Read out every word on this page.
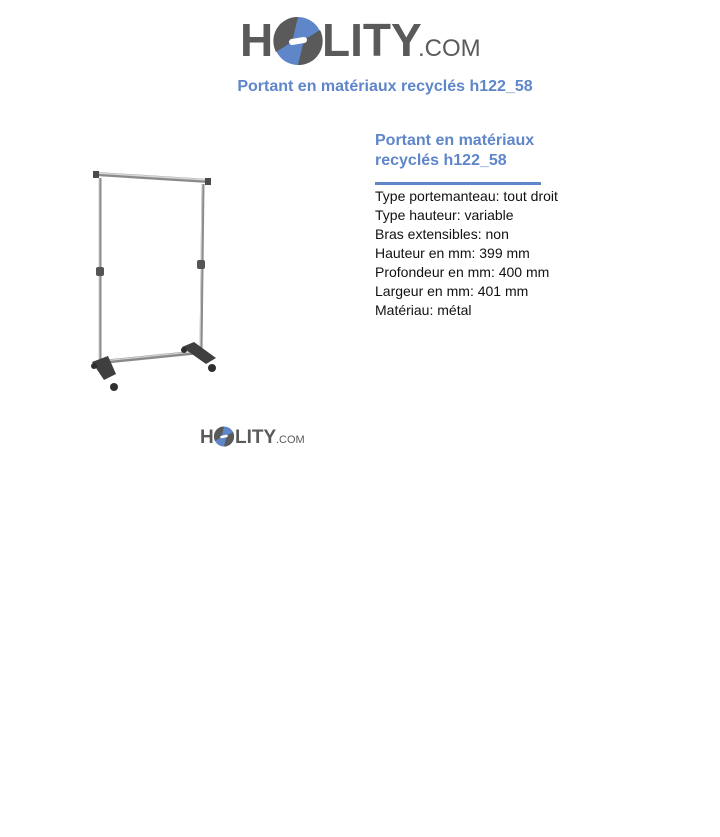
H LITY
.COM
Portant en matériaux recyclés h122_58
H LITY .COM
Portant en matériaux recyclés h122_58
Type portemanteau: tout droit
Type hauteur: variable
Bras extensibles: non
Hauteur en mm: 399 mm
Profondeur en mm: 400 mm
Largeur en mm: 401 mm
Matériau: métal
